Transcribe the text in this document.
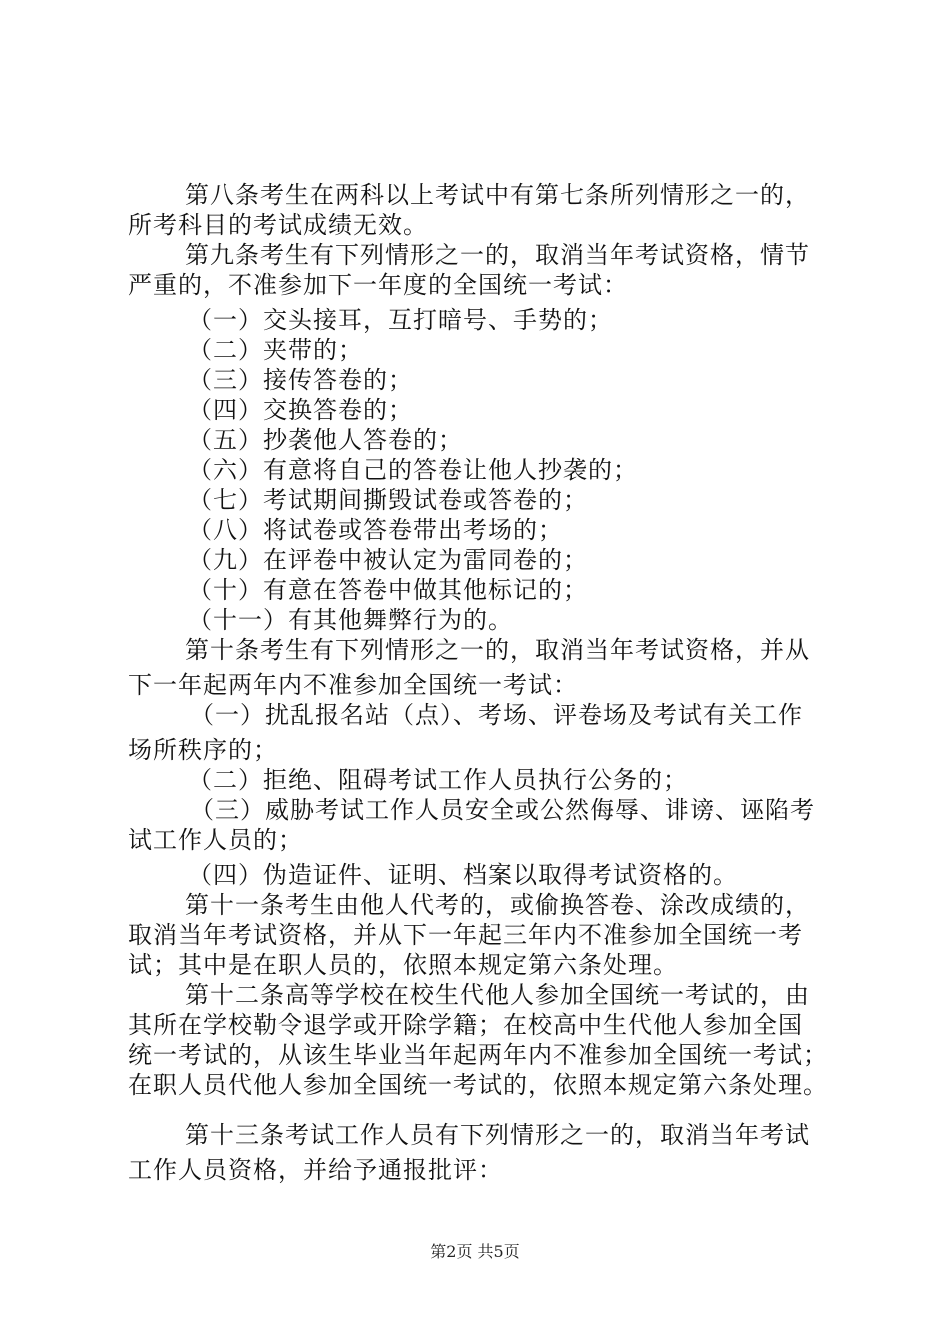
第八条考生在两科以上考试中有第七条所列情形之一的，
所考科目的考试成绩无效。
第九条考生有下列情形之一的，取消当年考试资格，情节
严重的，不准参加下一年度的全国统一考试：
（一）交头接耳，互打暗号、手势的；
（二）夹带的；
（三）接传答卷的；
（四）交换答卷的；
（五）抄袭他人答卷的；
（六）有意将自己的答卷让他人抄袭的；
（七）考试期间撕毁试卷或答卷的；
（八）将试卷或答卷带出考场的；
（九）在评卷中被认定为雷同卷的；
（十）有意在答卷中做其他标记的；
（十一）有其他舞弊行为的。
第十条考生有下列情形之一的，取消当年考试资格，并从
下一年起两年内不准参加全国统一考试：
（一）扰乱报名站（点）、考场、评卷场及考试有关工作
场所秩序的；
（二）拒绝、阻碍考试工作人员执行公务的；
（三）威胁考试工作人员安全或公然侮辱、诽谤、诬陷考
试工作人员的；
（四）伪造证件、证明、档案以取得考试资格的。
第十一条考生由他人代考的，或偷换答卷、涂改成绩的，
取消当年考试资格，并从下一年起三年内不准参加全国统一考
试；其中是在职人员的，依照本规定第六条处理。
第十二条高等学校在校生代他人参加全国统一考试的，由
其所在学校勒令退学或开除学籍；在校高中生代他人参加全国
统一考试的，从该生毕业当年起两年内不准参加全国统一考试；
在职人员代他人参加全国统一考试的，依照本规定第六条处理。
第十三条考试工作人员有下列情形之一的，取消当年考试
工作人员资格，并给予通报批评：
第2页 共5页
